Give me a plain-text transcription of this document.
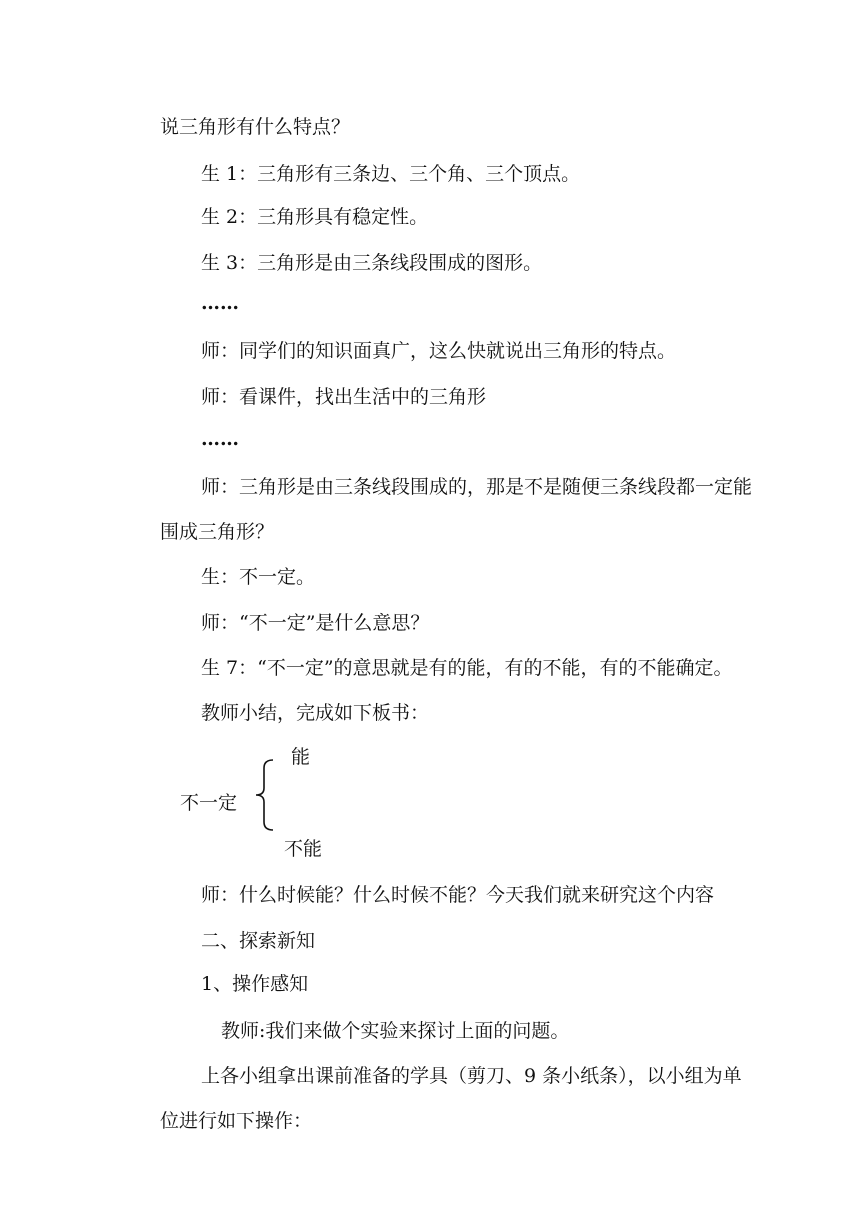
说三角形有什么特点？
生 1：三角形有三条边、三个角、三个顶点。
生 2：三角形具有稳定性。
生 3：三角形是由三条线段围成的图形。
……
师：同学们的知识面真广，这么快就说出三角形的特点。
师：看课件，找出生活中的三角形
……
师：三角形是由三条线段围成的，那是不是随便三条线段都一定能
围成三角形？
生：不一定。
师：“不一定”是什么意思？
生 7：“不一定”的意思就是有的能，有的不能，有的不能确定。
教师小结，完成如下板书：
能
不一定
不能
师：什么时候能？什么时候不能？今天我们就来研究这个内容
二、探索新知
1、操作感知
教师:我们来做个实验来探讨上面的问题。
上各小组拿出课前准备的学具（剪刀、9 条小纸条），以小组为单
位进行如下操作：
